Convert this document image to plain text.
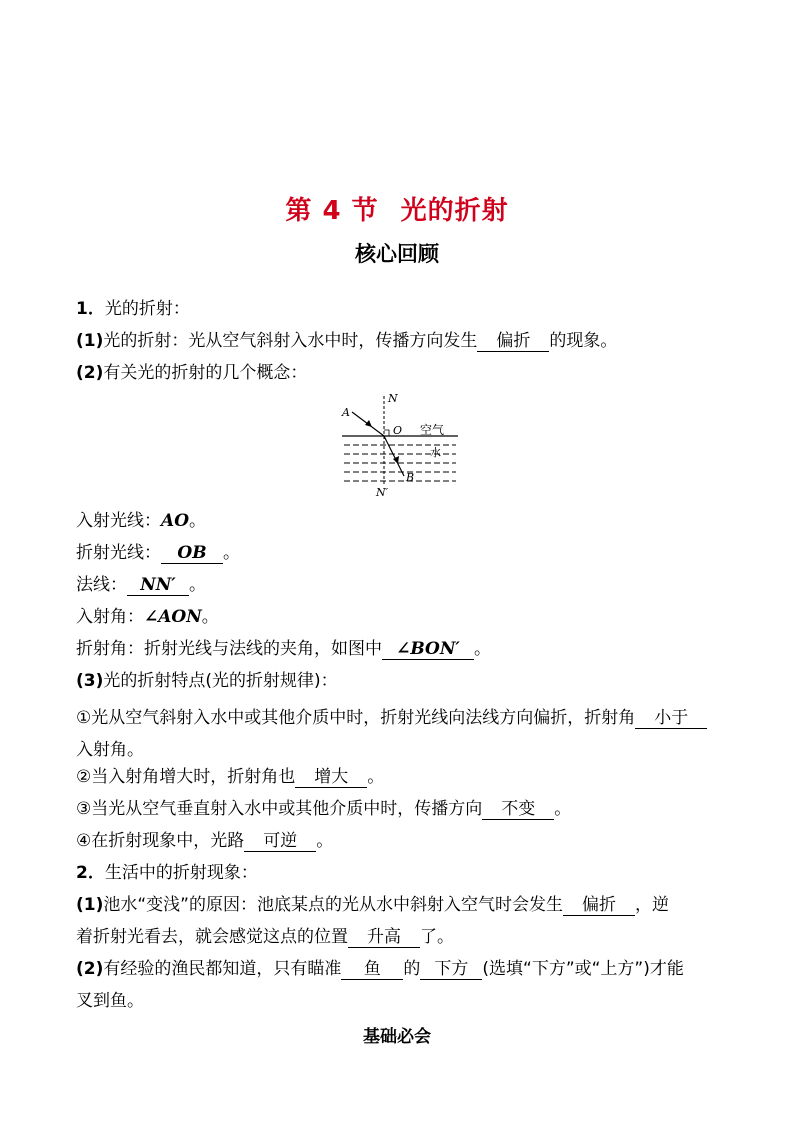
第 4 节 光的折射
核心回顾
1．光的折射：
(1)光的折射：光从空气斜射入水中时，传播方向发生 偏折 的现象。
(2)有关光的折射的几个概念：
N
A
O 空气
水
B
N′
入射光线：AO。
折射光线： OB 。
法线： NN′ 。
入射角：∠AON。
折射角：折射光线与法线的夹角，如图中 ∠BON′ 。
(3)光的折射特点(光的折射规律)：
①光从空气斜射入水中或其他介质中时，折射光线向法线方向偏折，折射角 小于入射角。
②当入射角增大时，折射角也 增大 。
③当光从空气垂直射入水中或其他介质中时，传播方向 不变 。
④在折射现象中，光路 可逆 。
2．生活中的折射现象：
(1)池水“变浅”的原因：池底某点的光从水中斜射入空气时会发生 偏折 ，逆
着折射光看去，就会感觉这点的位置 升高 了。
(2)有经验的渔民都知道，只有瞄准 鱼 的 下方 (选填“下方”或“上方”)才能
叉到鱼。
基础必会
